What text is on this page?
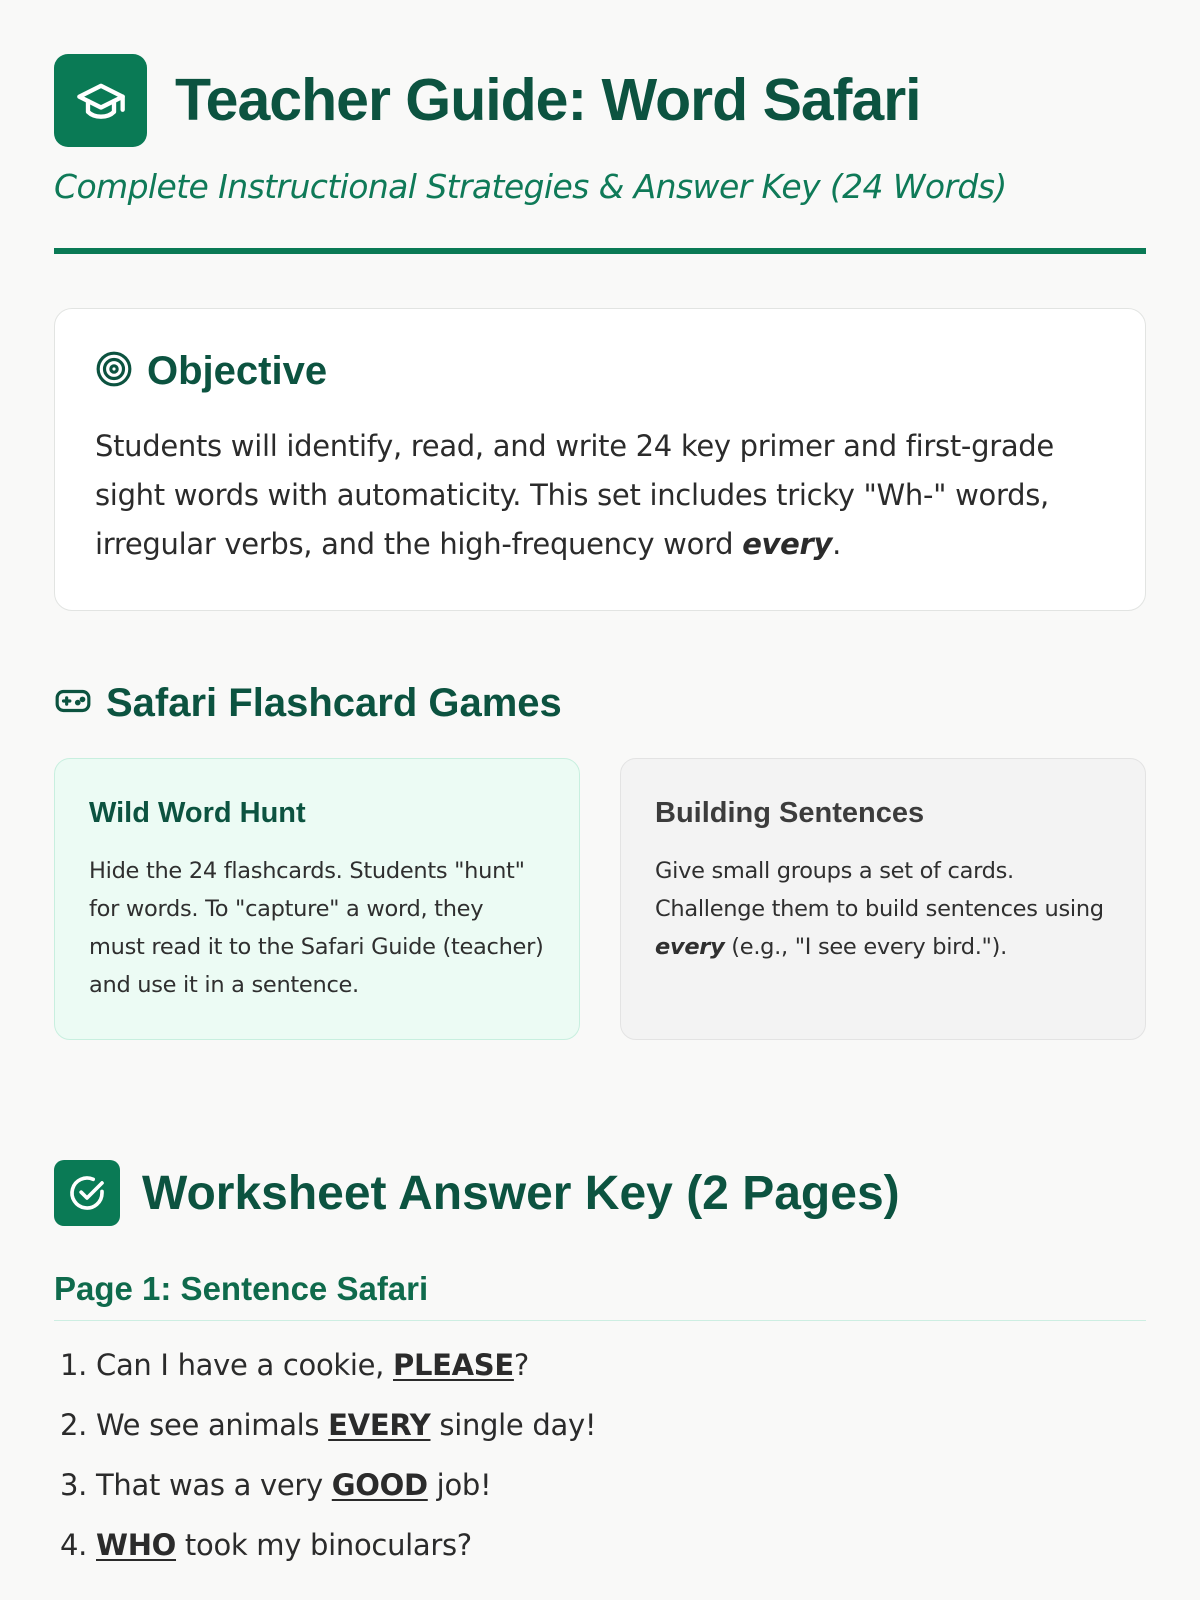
Teacher Guide: Word Safari
Complete Instructional Strategies & Answer Key (24 Words)
Objective
Students will identify, read, and write 24 key primer and first-grade sight words with automaticity. This set includes tricky "Wh-" words, irregular verbs, and the high-frequency word every.
Safari Flashcard Games
Wild Word Hunt
Hide the 24 flashcards. Students "hunt" for words. To "capture" a word, they must read it to the Safari Guide (teacher) and use it in a sentence.
Building Sentences
Give small groups a set of cards. Challenge them to build sentences using every (e.g., "I see every bird.").
Worksheet Answer Key (2 Pages)
Page 1: Sentence Safari
1. Can I have a cookie, PLEASE?
2. We see animals EVERY single day!
3. That was a very GOOD job!
4. WHO took my binoculars?
